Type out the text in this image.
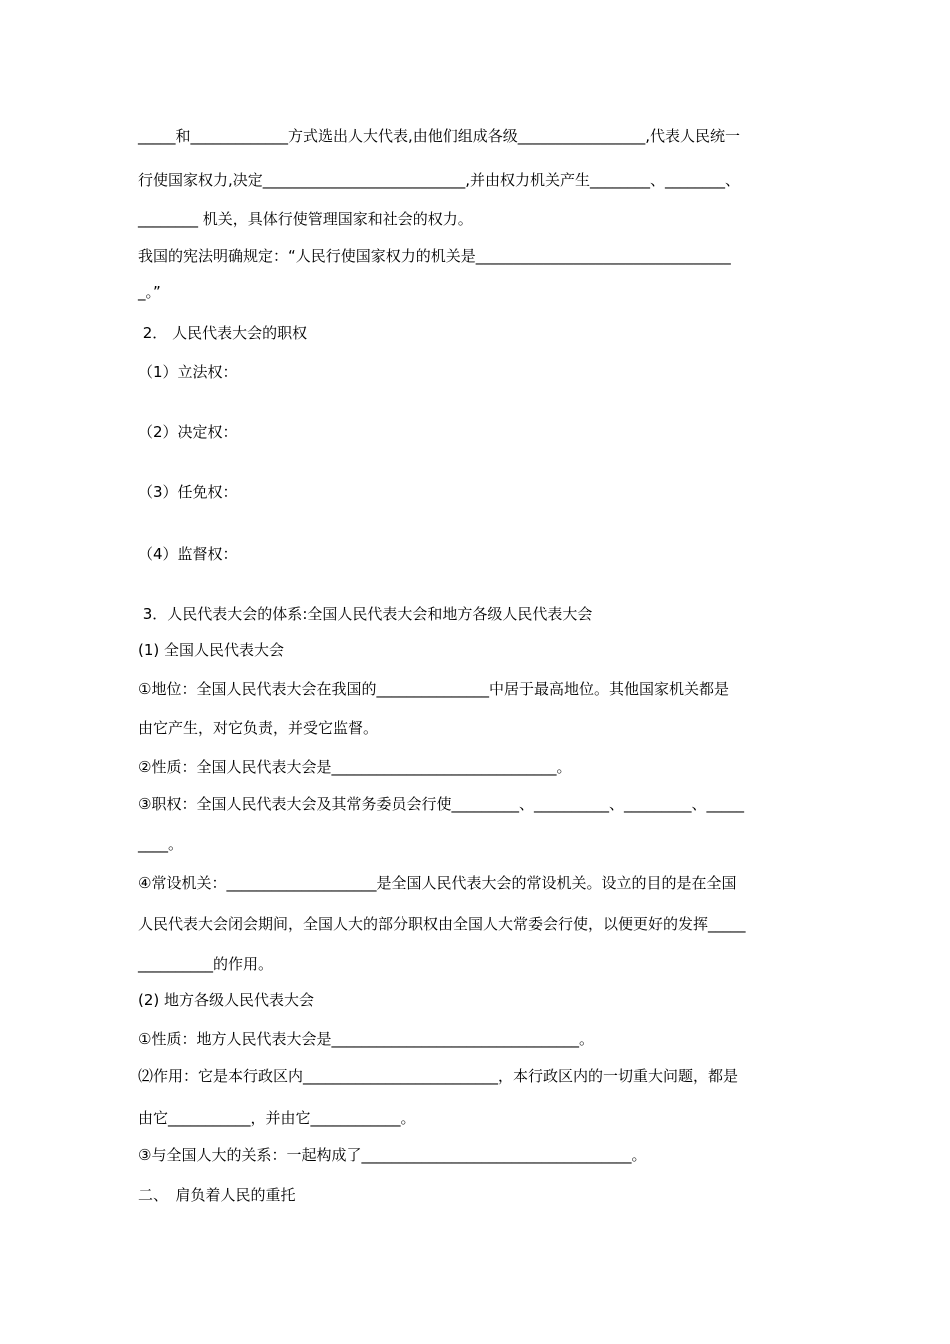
_____和_____________方式选出人大代表,由他们组成各级_________________,代表人民统一
行使国家权力,决定___________________________,并由权力机关产生________、________、
________ 机关，具体行使管理国家和社会的权力。
我国的宪法明确规定：“人民行使国家权力的机关是__________________________________
_。”
2． 人民代表大会的职权
（1）立法权：
（2）决定权：
（3）任免权：
（4）监督权：
3．人民代表大会的体系:全国人民代表大会和地方各级人民代表大会
(1) 全国人民代表大会
①地位：全国人民代表大会在我国的_______________中居于最高地位。其他国家机关都是
由它产生，对它负责，并受它监督。
②性质：全国人民代表大会是______________________________。
③职权：全国人民代表大会及其常务委员会行使_________、__________、_________、_____
____。
④常设机关：____________________是全国人民代表大会的常设机关。设立的目的是在全国
人民代表大会闭会期间，全国人大的部分职权由全国人大常委会行使，以便更好的发挥_____
__________的作用。
(2) 地方各级人民代表大会
①性质：地方人民代表大会是_________________________________。
⑵作用：它是本行政区内__________________________，本行政区内的一切重大问题，都是
由它___________，并由它____________。
③与全国人大的关系：一起构成了____________________________________。
二、　肩负着人民的重托
